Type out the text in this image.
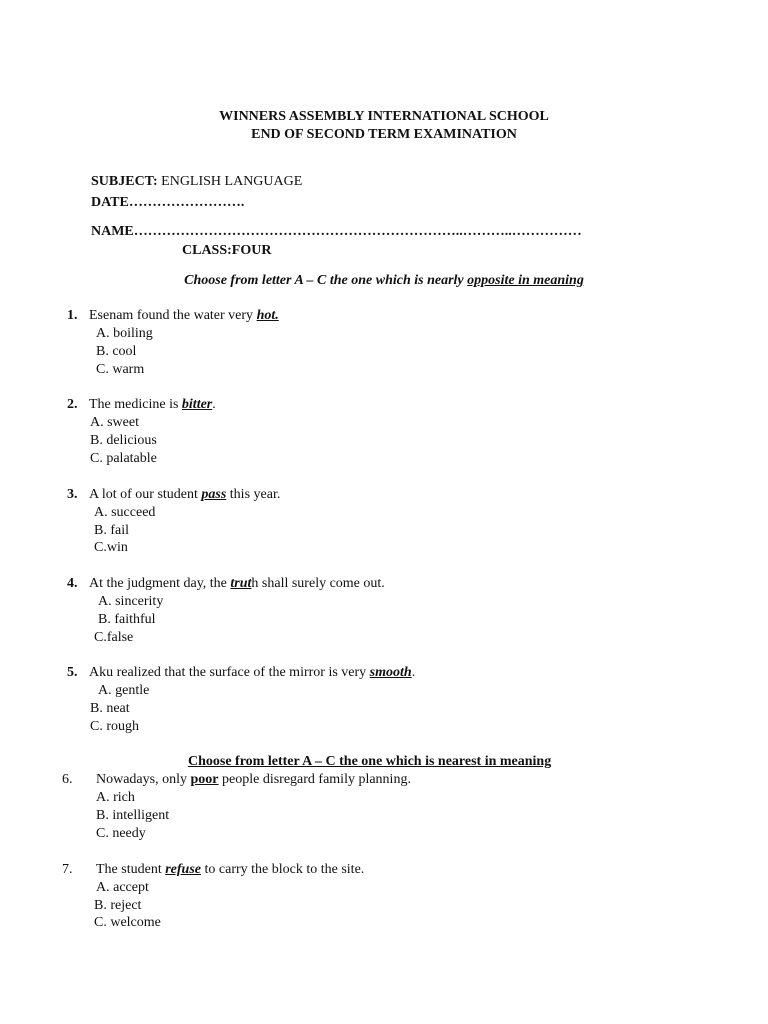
WINNERS ASSEMBLY INTERNATIONAL SCHOOL
END OF SECOND TERM EXAMINATION
SUBJECT: ENGLISH LANGUAGE
DATE…………………….
NAME……………………………………………………………..………..……………
CLASS:FOUR
Choose from letter A – C the one which is nearly opposite in meaning
1. Esenam found the water very hot.
A. boiling
B. cool
C. warm
2. The medicine is bitter.
A. sweet
B. delicious
C. palatable
3. A lot of our student pass this year.
A. succeed
B. fail
C.win
4. At the judgment day, the truth shall surely come out.
A. sincerity
B. faithful
C.false
5. Aku realized that the surface of the mirror is very smooth.
A. gentle
B. neat
C. rough
Choose from letter A – C the one which is nearest in meaning
6. Nowadays, only poor people disregard family planning.
A. rich
B. intelligent
C. needy
7. The student refuse to carry the block to the site.
A. accept
B. reject
C. welcome
